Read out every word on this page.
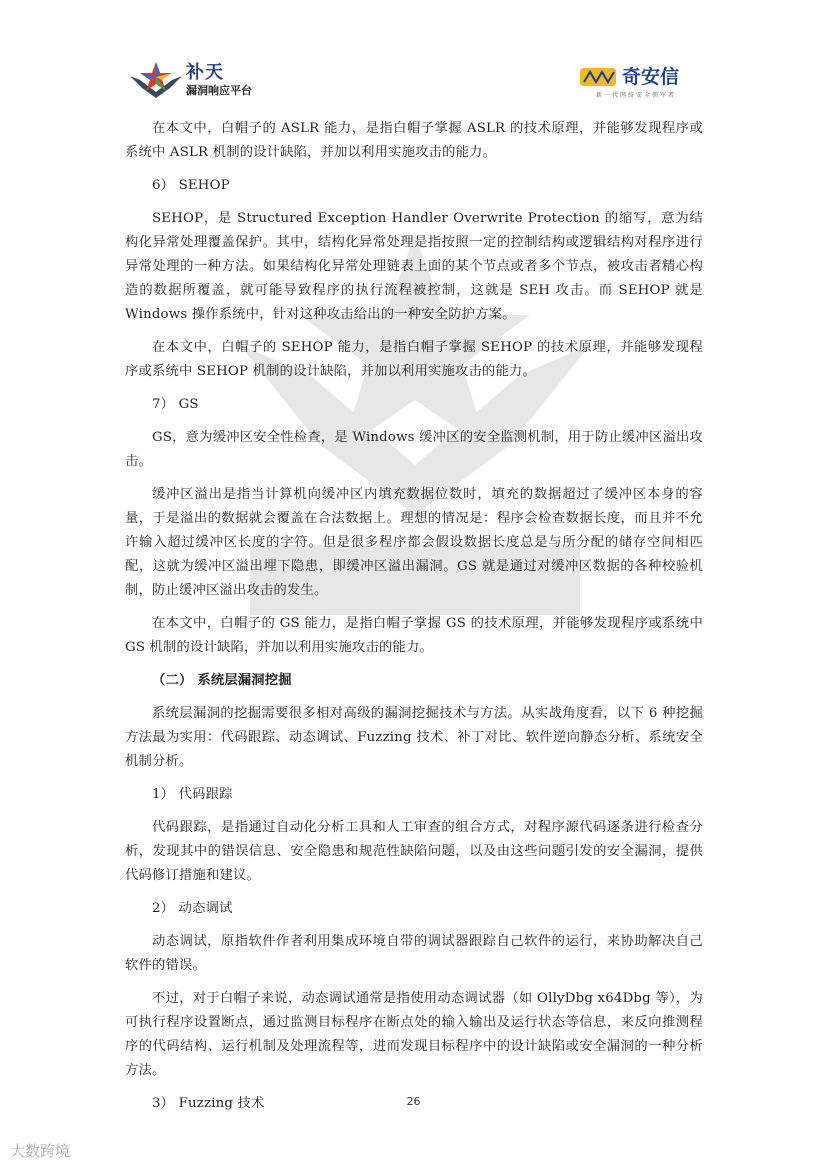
补天
漏洞响应平台
奇安信
新一代网络安全领军者

在本文中，白帽子的 ASLR 能力，是指白帽子掌握 ASLR 的技术原理，并能够发现程序或系统中 ASLR 机制的设计缺陷，并加以利用实施攻击的能力。

6） SEHOP

SEHOP，是 Structured Exception Handler Overwrite Protection 的缩写，意为结构化异常处理覆盖保护。其中，结构化异常处理是指按照一定的控制结构或逻辑结构对程序进行异常处理的一种方法。如果结构化异常处理链表上面的某个节点或者多个节点，被攻击者精心构造的数据所覆盖，就可能导致程序的执行流程被控制，这就是 SEH 攻击。而 SEHOP 就是 Windows 操作系统中，针对这种攻击给出的一种安全防护方案。

在本文中，白帽子的 SEHOP 能力，是指白帽子掌握 SEHOP 的技术原理，并能够发现程序或系统中 SEHOP 机制的设计缺陷，并加以利用实施攻击的能力。

7） GS

GS，意为缓冲区安全性检查，是 Windows 缓冲区的安全监测机制，用于防止缓冲区溢出攻击。

缓冲区溢出是指当计算机向缓冲区内填充数据位数时，填充的数据超过了缓冲区本身的容量，于是溢出的数据就会覆盖在合法数据上。理想的情况是：程序会检查数据长度，而且并不允许输入超过缓冲区长度的字符。但是很多程序都会假设数据长度总是与所分配的储存空间相匹配，这就为缓冲区溢出埋下隐患，即缓冲区溢出漏洞。GS 就是通过对缓冲区数据的各种校验机制，防止缓冲区溢出攻击的发生。

在本文中，白帽子的 GS 能力，是指白帽子掌握 GS 的技术原理，并能够发现程序或系统中 GS 机制的设计缺陷，并加以利用实施攻击的能力。

（二） 系统层漏洞挖掘

系统层漏洞的挖掘需要很多相对高级的漏洞挖掘技术与方法。从实战角度看，以下 6 种挖掘方法最为实用：代码跟踪、动态调试、Fuzzing 技术、补丁对比、软件逆向静态分析、系统安全机制分析。

1） 代码跟踪

代码跟踪，是指通过自动化分析工具和人工审查的组合方式，对程序源代码逐条进行检查分析，发现其中的错误信息、安全隐患和规范性缺陷问题，以及由这些问题引发的安全漏洞，提供代码修订措施和建议。

2） 动态调试

动态调试，原指软件作者利用集成环境自带的调试器跟踪自己软件的运行，来协助解决自己软件的错误。

不过，对于白帽子来说，动态调试通常是指使用动态调试器（如 OllyDbg x64Dbg 等），为可执行程序设置断点，通过监测目标程序在断点处的输入输出及运行状态等信息，来反向推测程序的代码结构、运行机制及处理流程等，进而发现目标程序中的设计缺陷或安全漏洞的一种分析方法。

3） Fuzzing 技术	26
大数跨境
